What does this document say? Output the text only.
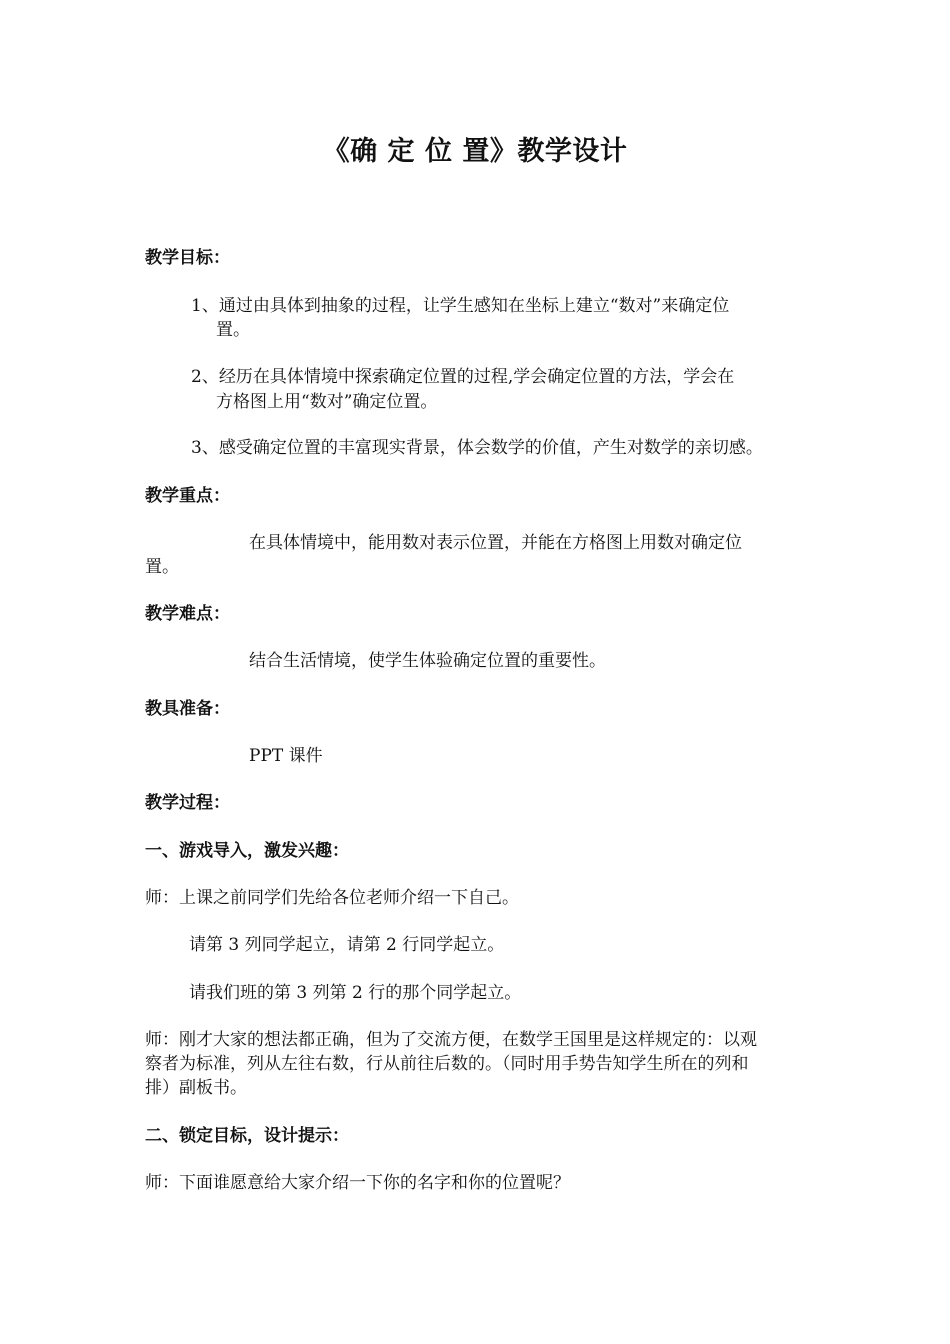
《确 定 位 置》教学设计
教学目标：
1、通过由具体到抽象的过程，让学生感知在坐标上建立“数对”来确定位
置。
2、经历在具体情境中探索确定位置的过程,学会确定位置的方法，学会在
方格图上用“数对”确定位置。
3、感受确定位置的丰富现实背景，体会数学的价值，产生对数学的亲切感。
教学重点：
在具体情境中，能用数对表示位置，并能在方格图上用数对确定位
置。
教学难点：
结合生活情境，使学生体验确定位置的重要性。
教具准备：
PPT 课件
教学过程：
一、游戏导入，激发兴趣：
师：上课之前同学们先给各位老师介绍一下自己。
请第 3 列同学起立，请第 2 行同学起立。
请我们班的第 3 列第 2 行的那个同学起立。
师：刚才大家的想法都正确，但为了交流方便，在数学王国里是这样规定的：以观
察者为标准，列从左往右数，行从前往后数的。（同时用手势告知学生所在的列和
排）副板书。
二、锁定目标，设计提示：
师：下面谁愿意给大家介绍一下你的名字和你的位置呢？
